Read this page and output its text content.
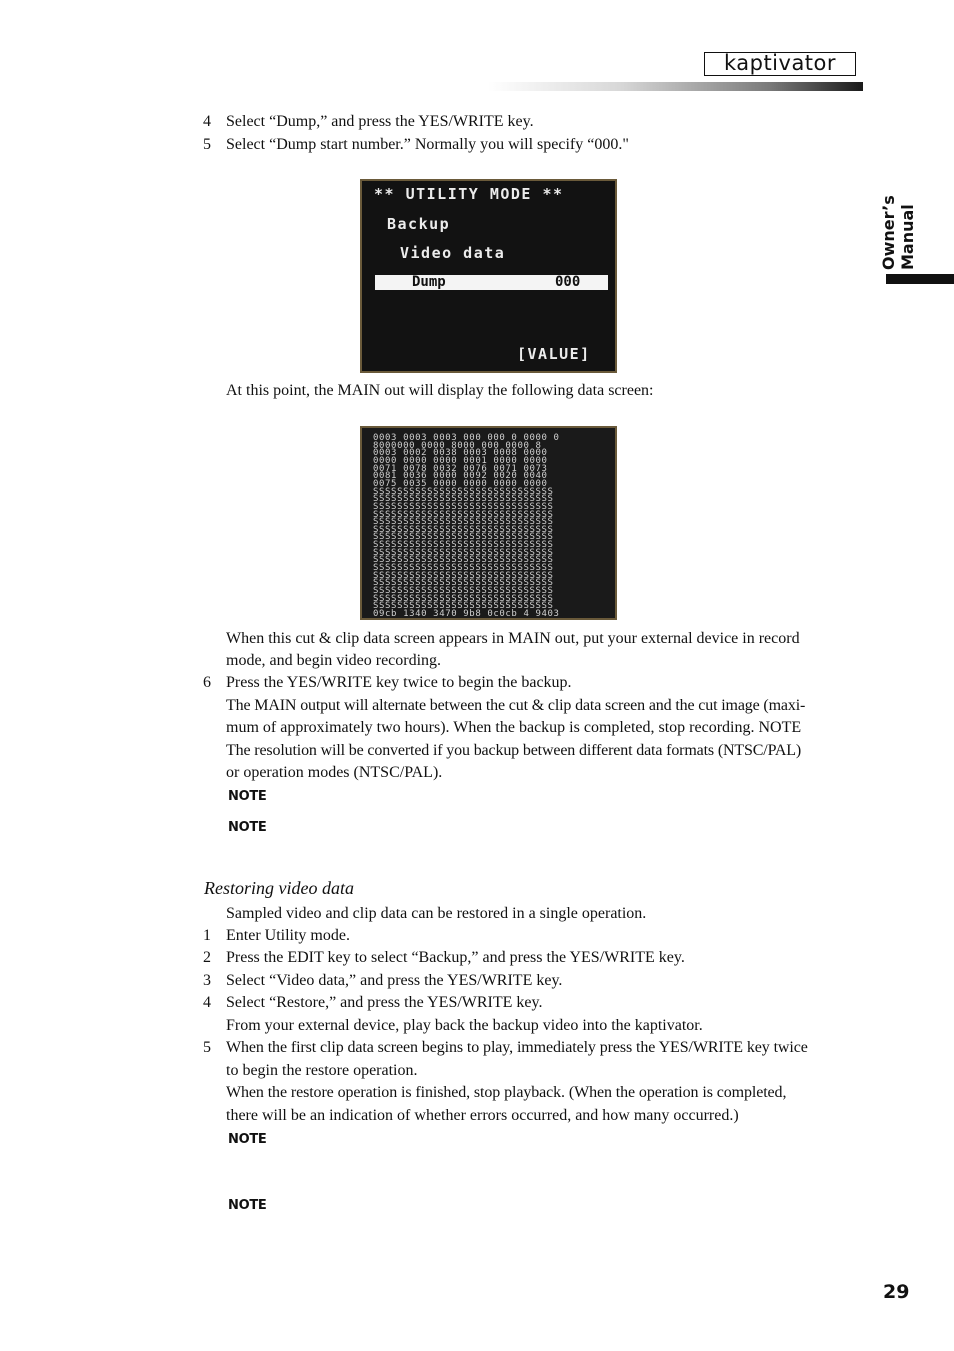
kaptivator
Owner’s Manual
4 Select “Dump,” and press the YES/WRITE key.
5 Select “Dump start number.” Normally you will specify “000."
** UTILITY MODE **
Backup
Video data
Dump	000
[VALUE]
At this point, the MAIN out will display the following data screen:
0003 0003 0003 000 000 0 0000 0
8000000 0000 8000 000 0000 8
0003 0002 0038 0003 0008 0000
0000 0000 0000 0001 0000 0000
0071 0078 0032 0076 0071 0073
0081 0036 0000 0092 0020 0040
0075 0035 0000 0000 0000 0000
SSSSSSSSSSSSSSSSSSSSSSSSSSSSSS
SSSSSSSSSSSSSSSSSSSSSSSSSSSSSS
SSSSSSSSSSSSSSSSSSSSSSSSSSSSSS
SSSSSSSSSSSSSSSSSSSSSSSSSSSSSS
SSSSSSSSSSSSSSSSSSSSSSSSSSSSSS
SSSSSSSSSSSSSSSSSSSSSSSSSSSSSS
SSSSSSSSSSSSSSSSSSSSSSSSSSSSSS
SSSSSSSSSSSSSSSSSSSSSSSSSSSSSS
SSSSSSSSSSSSSSSSSSSSSSSSSSSSSS
SSSSSSSSSSSSSSSSSSSSSSSSSSSSSS
SSSSSSSSSSSSSSSSSSSSSSSSSSSSSS
SSSSSSSSSSSSSSSSSSSSSSSSSSSSSS
SSSSSSSSSSSSSSSSSSSSSSSSSSSSSS
SSSSSSSSSSSSSSSSSSSSSSSSSSSSSS
SSSSSSSSSSSSSSSSSSSSSSSSSSSSSS
SSSSSSSSSSSSSSSSSSSSSSSSSSSSSS
09cb 1340 3470 9b8 0c0cb 4 9403
When this cut & clip data screen appears in MAIN out, put your external device in record
mode, and begin video recording.
6 Press the YES/WRITE key twice to begin the backup.
The MAIN output will alternate between the cut & clip data screen and the cut image (maxi-
mum of approximately two hours). When the backup is completed, stop recording. NOTE
The resolution will be converted if you backup between different data formats (NTSC/PAL)
or operation modes (NTSC/PAL).
NOTE
NOTE
Restoring video data
Sampled video and clip data can be restored in a single operation.
1 Enter Utility mode.
2 Press the EDIT key to select “Backup,” and press the YES/WRITE key.
3 Select “Video data,” and press the YES/WRITE key.
4 Select “Restore,” and press the YES/WRITE key.
From your external device, play back the backup video into the kaptivator.
5 When the first clip data screen begins to play, immediately press the YES/WRITE key twice
to begin the restore operation.
When the restore operation is finished, stop playback. (When the operation is completed,
there will be an indication of whether errors occurred, and how many occurred.)
NOTE
NOTE
29
